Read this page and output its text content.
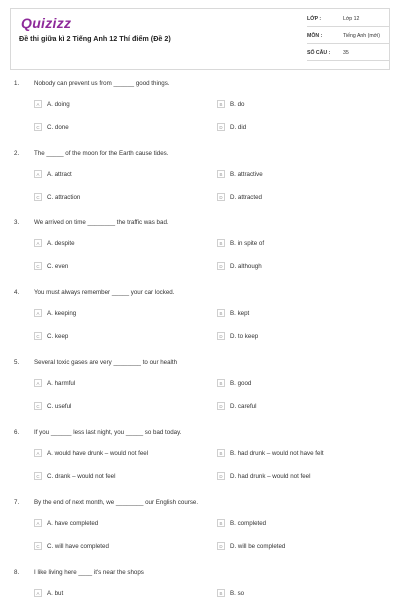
Quizizz
Đề thi giữa kì 2 Tiếng Anh 12 Thí điểm (Đề 2)
LỚP :	Lớp 12
MÔN :	Tiếng Anh (mới)
SỐ CÂU : 35
1. Nobody can prevent us from ______ good things.
A	A. doing	B	B. do
C	C. done	D	D. did
2. The _____ of the moon for the Earth cause tides.
A	A. attract	B	B. attractive
C	C. attraction	D	D. attracted
3. We arrived on time ________ the traffic was bad.
A	A. despite	B	B. in spite of
C	C. even	D	D. although
4. You must always remember _____ your car locked.
A	A. keeping	B	B. kept
C	C. keep	D	D. to keep
5. Several toxic gases are very ________ to our health
A	A. harmful	B	B. good
C	C. useful	D	D. careful
6. If you ______ less last night, you _____ so bad today.
A	A. would have drunk – would not feel	B	B. had drunk – would not have felt
C	C. drank – would not feel	D	D. had drunk – would not feel
7. By the end of next month, we ________ our English course.
A	A. have completed	B	B. completed
C	C. will have completed	D	D. will be completed
8. I like living here ____ it's near the shops
A	A. but	B	B. so
